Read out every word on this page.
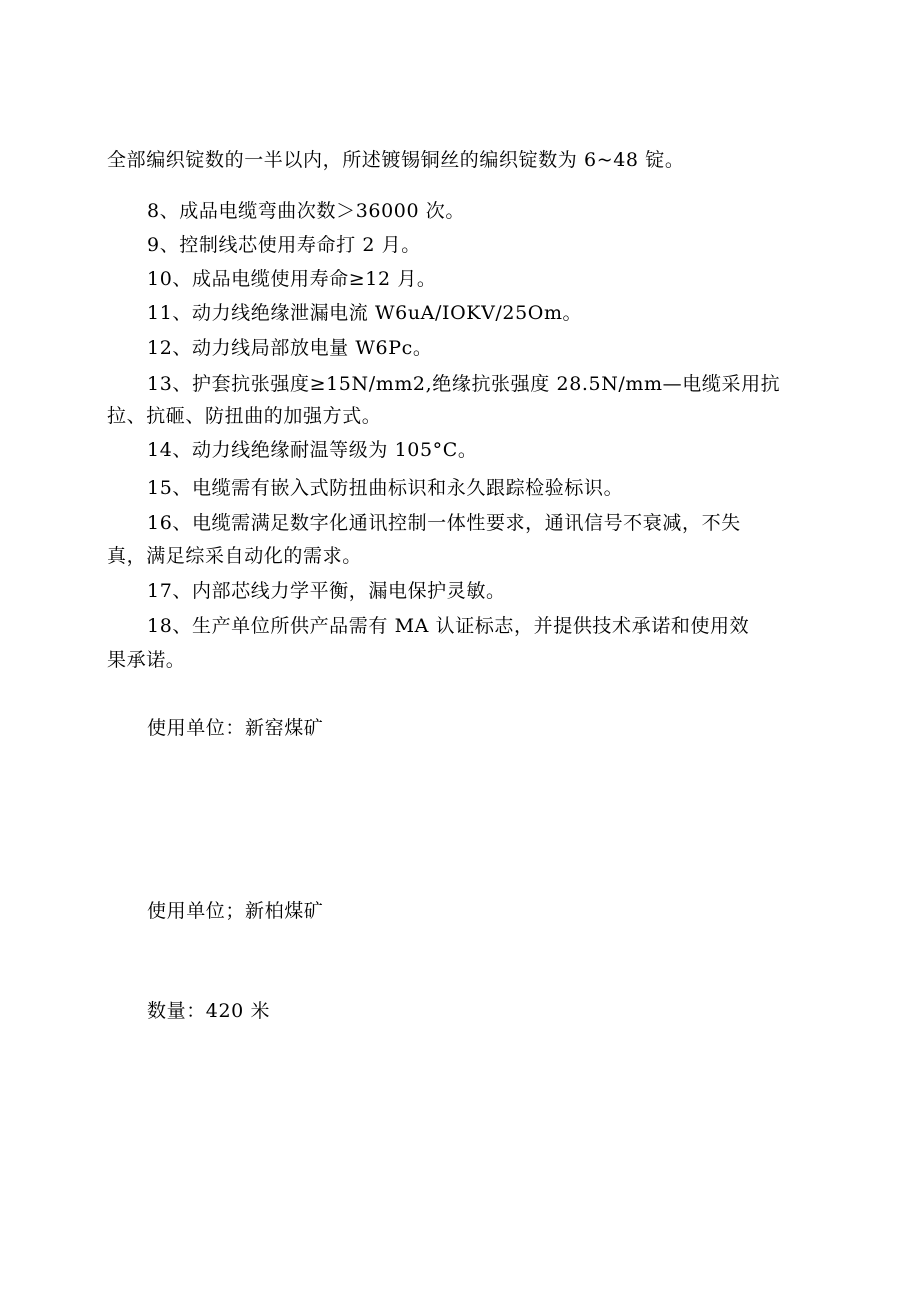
全部编织锭数的一半以内，所述镀锡铜丝的编织锭数为 6~48 锭。
8、成品电缆弯曲次数＞36000 次。
9、控制线芯使用寿命打 2 月。
10、成品电缆使用寿命≥12 月。
11、动力线绝缘泄漏电流 W6uA∕IOKV/25Om。
12、动力线局部放电量 W6Pc。
13、护套抗张强度≥15N∕mm2,绝缘抗张强度 28.5N/mm—电缆采用抗
拉、抗砸、防扭曲的加强方式。
14、动力线绝缘耐温等级为 105°C。
15、电缆需有嵌入式防扭曲标识和永久跟踪检验标识。
16、电缆需满足数字化通讯控制一体性要求，通讯信号不衰减，不失
真，满足综采自动化的需求。
17、内部芯线力学平衡，漏电保护灵敏。
18、生产单位所供产品需有 MA 认证标志，并提供技术承诺和使用效
果承诺。
使用单位：新窑煤矿
使用单位；新柏煤矿
数量：420 米
